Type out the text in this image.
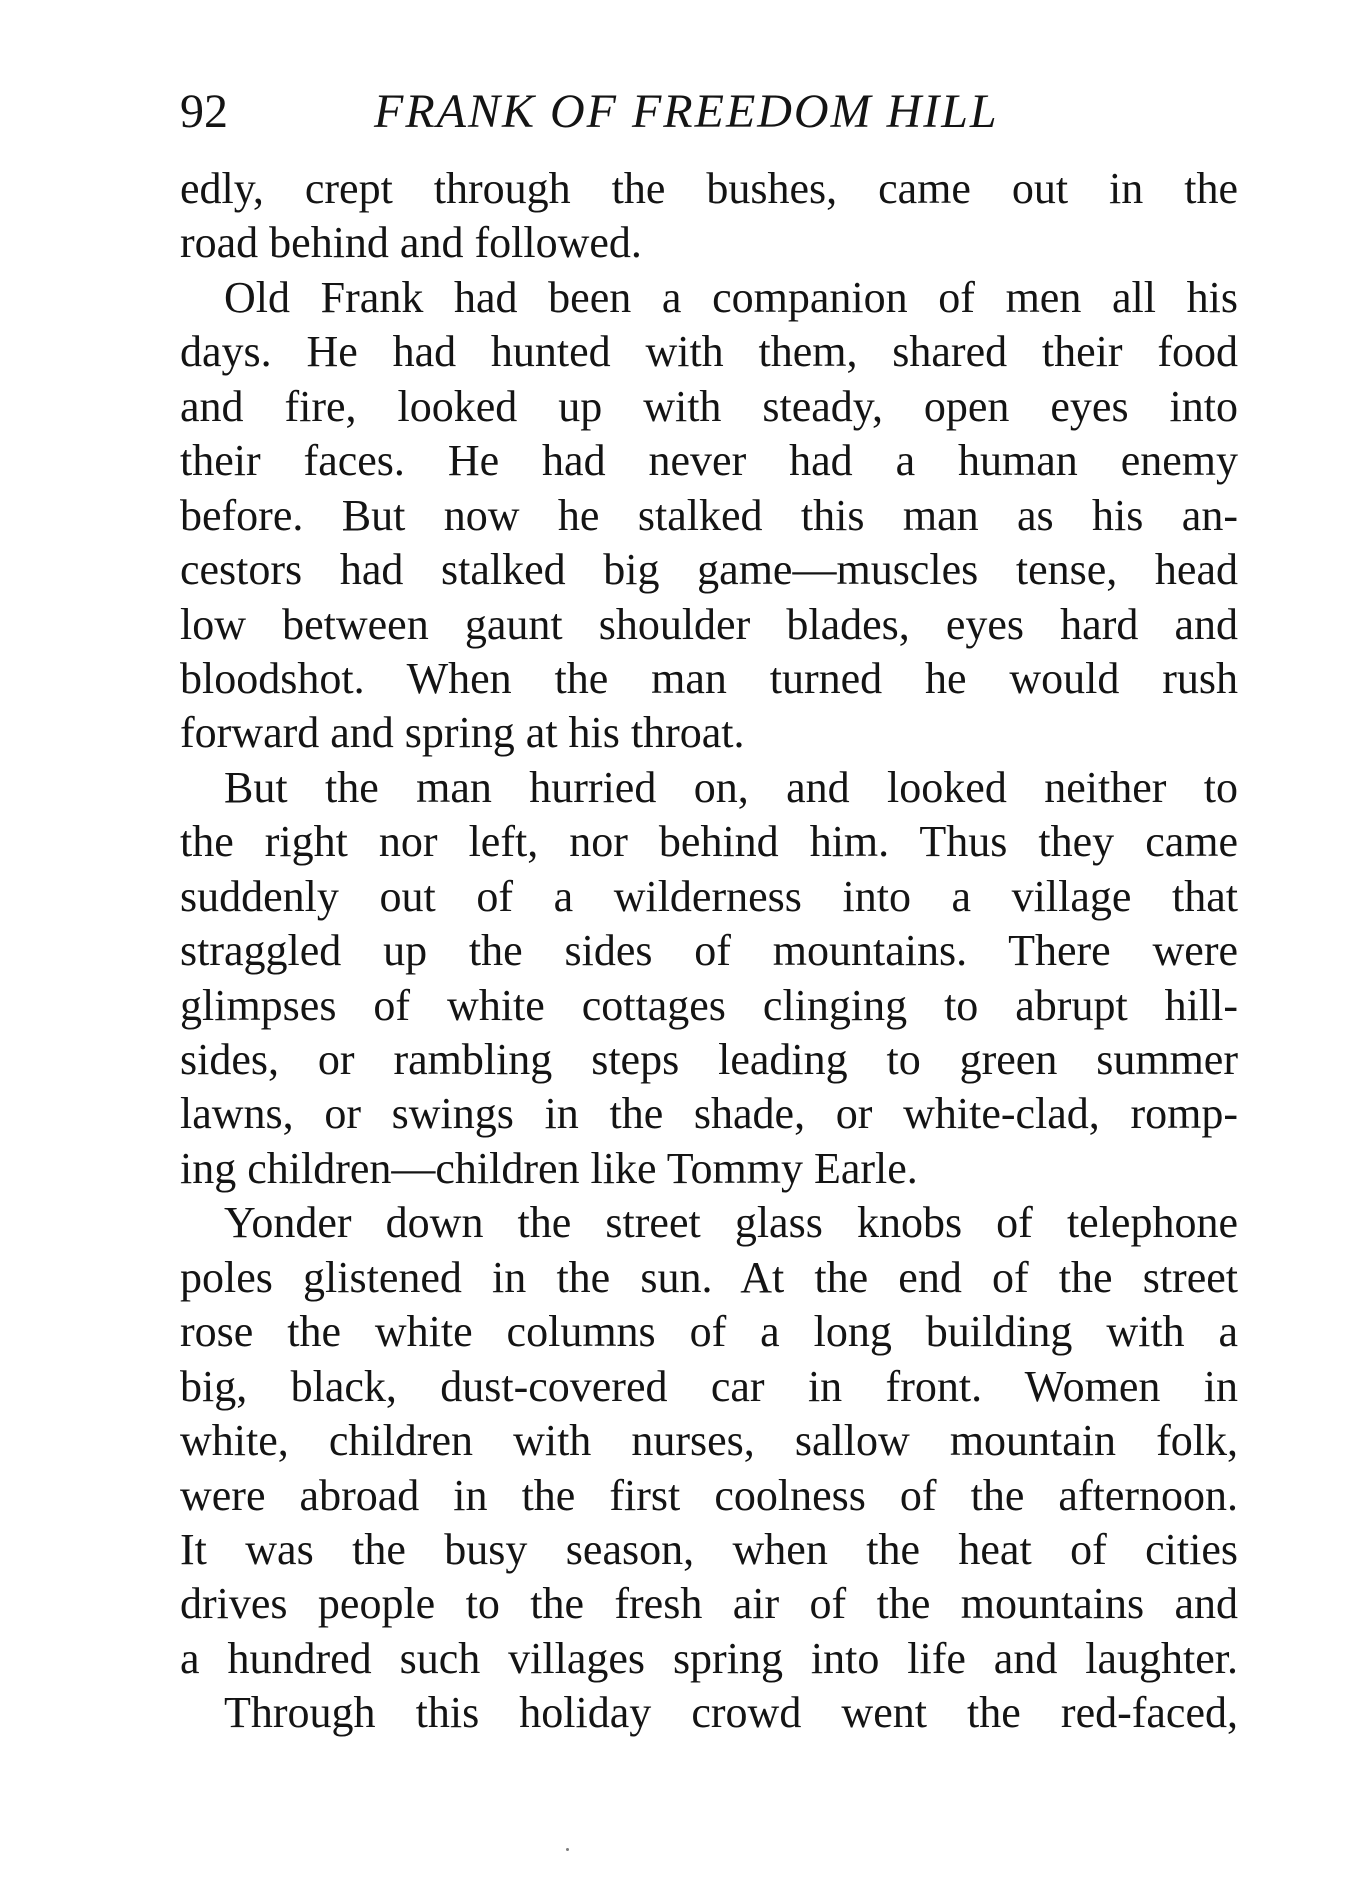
92	FRANK OF FREEDOM HILL
edly, crept through the bushes, came out in the
road behind and followed.
Old Frank had been a companion of men all his
days. He had hunted with them, shared their food
and fire, looked up with steady, open eyes into
their faces. He had never had a human enemy
before. But now he stalked this man as his an-
cestors had stalked big game—muscles tense, head
low between gaunt shoulder blades, eyes hard and
bloodshot. When the man turned he would rush
forward and spring at his throat.
But the man hurried on, and looked neither to
the right nor left, nor behind him. Thus they came
suddenly out of a wilderness into a village that
straggled up the sides of mountains. There were
glimpses of white cottages clinging to abrupt hill-
sides, or rambling steps leading to green summer
lawns, or swings in the shade, or white-clad, romp-
ing children—children like Tommy Earle.
Yonder down the street glass knobs of telephone
poles glistened in the sun. At the end of the street
rose the white columns of a long building with a
big, black, dust-covered car in front. Women in
white, children with nurses, sallow mountain folk,
were abroad in the first coolness of the afternoon.
It was the busy season, when the heat of cities
drives people to the fresh air of the mountains and
a hundred such villages spring into life and laughter.
Through this holiday crowd went the red-faced,
